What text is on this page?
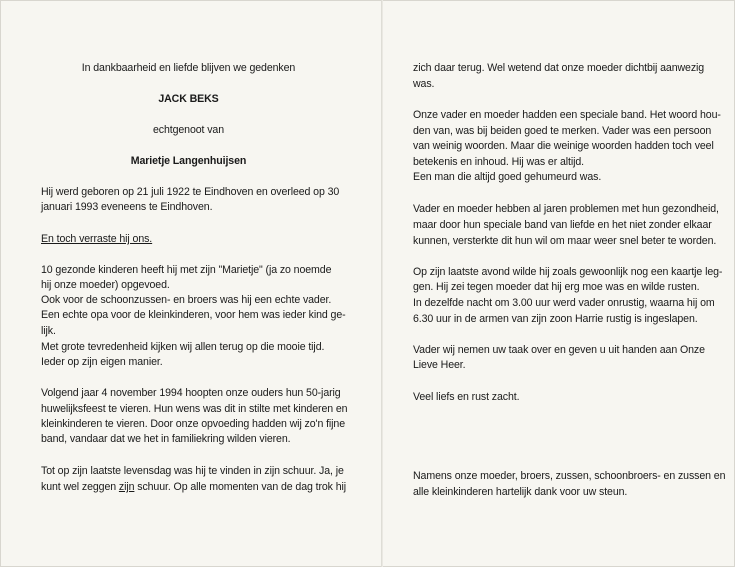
In dankbaarheid en liefde blijven we gedenken
JACK BEKS
echtgenoot van
Marietje Langenhuijsen
Hij werd geboren op 21 juli 1922 te Eindhoven en overleed op 30
januari 1993 eveneens te Eindhoven.
En toch verraste hij ons.
10 gezonde kinderen heeft hij met zijn "Marietje" (ja zo noemde
hij onze moeder) opgevoed.
Ook voor de schoonzussen- en broers was hij een echte vader.
Een echte opa voor de kleinkinderen, voor hem was ieder kind ge-
lijk.
Met grote tevredenheid kijken wij allen terug op die mooie tijd.
Ieder op zijn eigen manier.
Volgend jaar 4 november 1994 hoopten onze ouders hun 50-jarig
huwelijksfeest te vieren. Hun wens was dit in stilte met kinderen en
kleinkinderen te vieren. Door onze opvoeding hadden wij zo'n fijne
band, vandaar dat we het in familiekring wilden vieren.
Tot op zijn laatste levensdag was hij te vinden in zijn schuur. Ja, je
kunt wel zeggen zijn schuur. Op alle momenten van de dag trok hij
zich daar terug. Wel wetend dat onze moeder dichtbij aanwezig
was.
Onze vader en moeder hadden een speciale band. Het woord hou-
den van, was bij beiden goed te merken. Vader was een persoon
van weinig woorden. Maar die weinige woorden hadden toch veel
betekenis en inhoud. Hij was er altijd.
Een man die altijd goed gehumeurd was.
Vader en moeder hebben al jaren problemen met hun gezondheid,
maar door hun speciale band van liefde en het niet zonder elkaar
kunnen, versterkte dit hun wil om maar weer snel beter te worden.
Op zijn laatste avond wilde hij zoals gewoonlijk nog een kaartje leg-
gen. Hij zei tegen moeder dat hij erg moe was en wilde rusten.
In dezelfde nacht om 3.00 uur werd vader onrustig, waarna hij om
6.30 uur in de armen van zijn zoon Harrie rustig is ingeslapen.
Vader wij nemen uw taak over en geven u uit handen aan Onze
Lieve Heer.
Veel liefs en rust zacht.
Namens onze moeder, broers, zussen, schoonbroers- en zussen en
alle kleinkinderen hartelijk dank voor uw steun.
